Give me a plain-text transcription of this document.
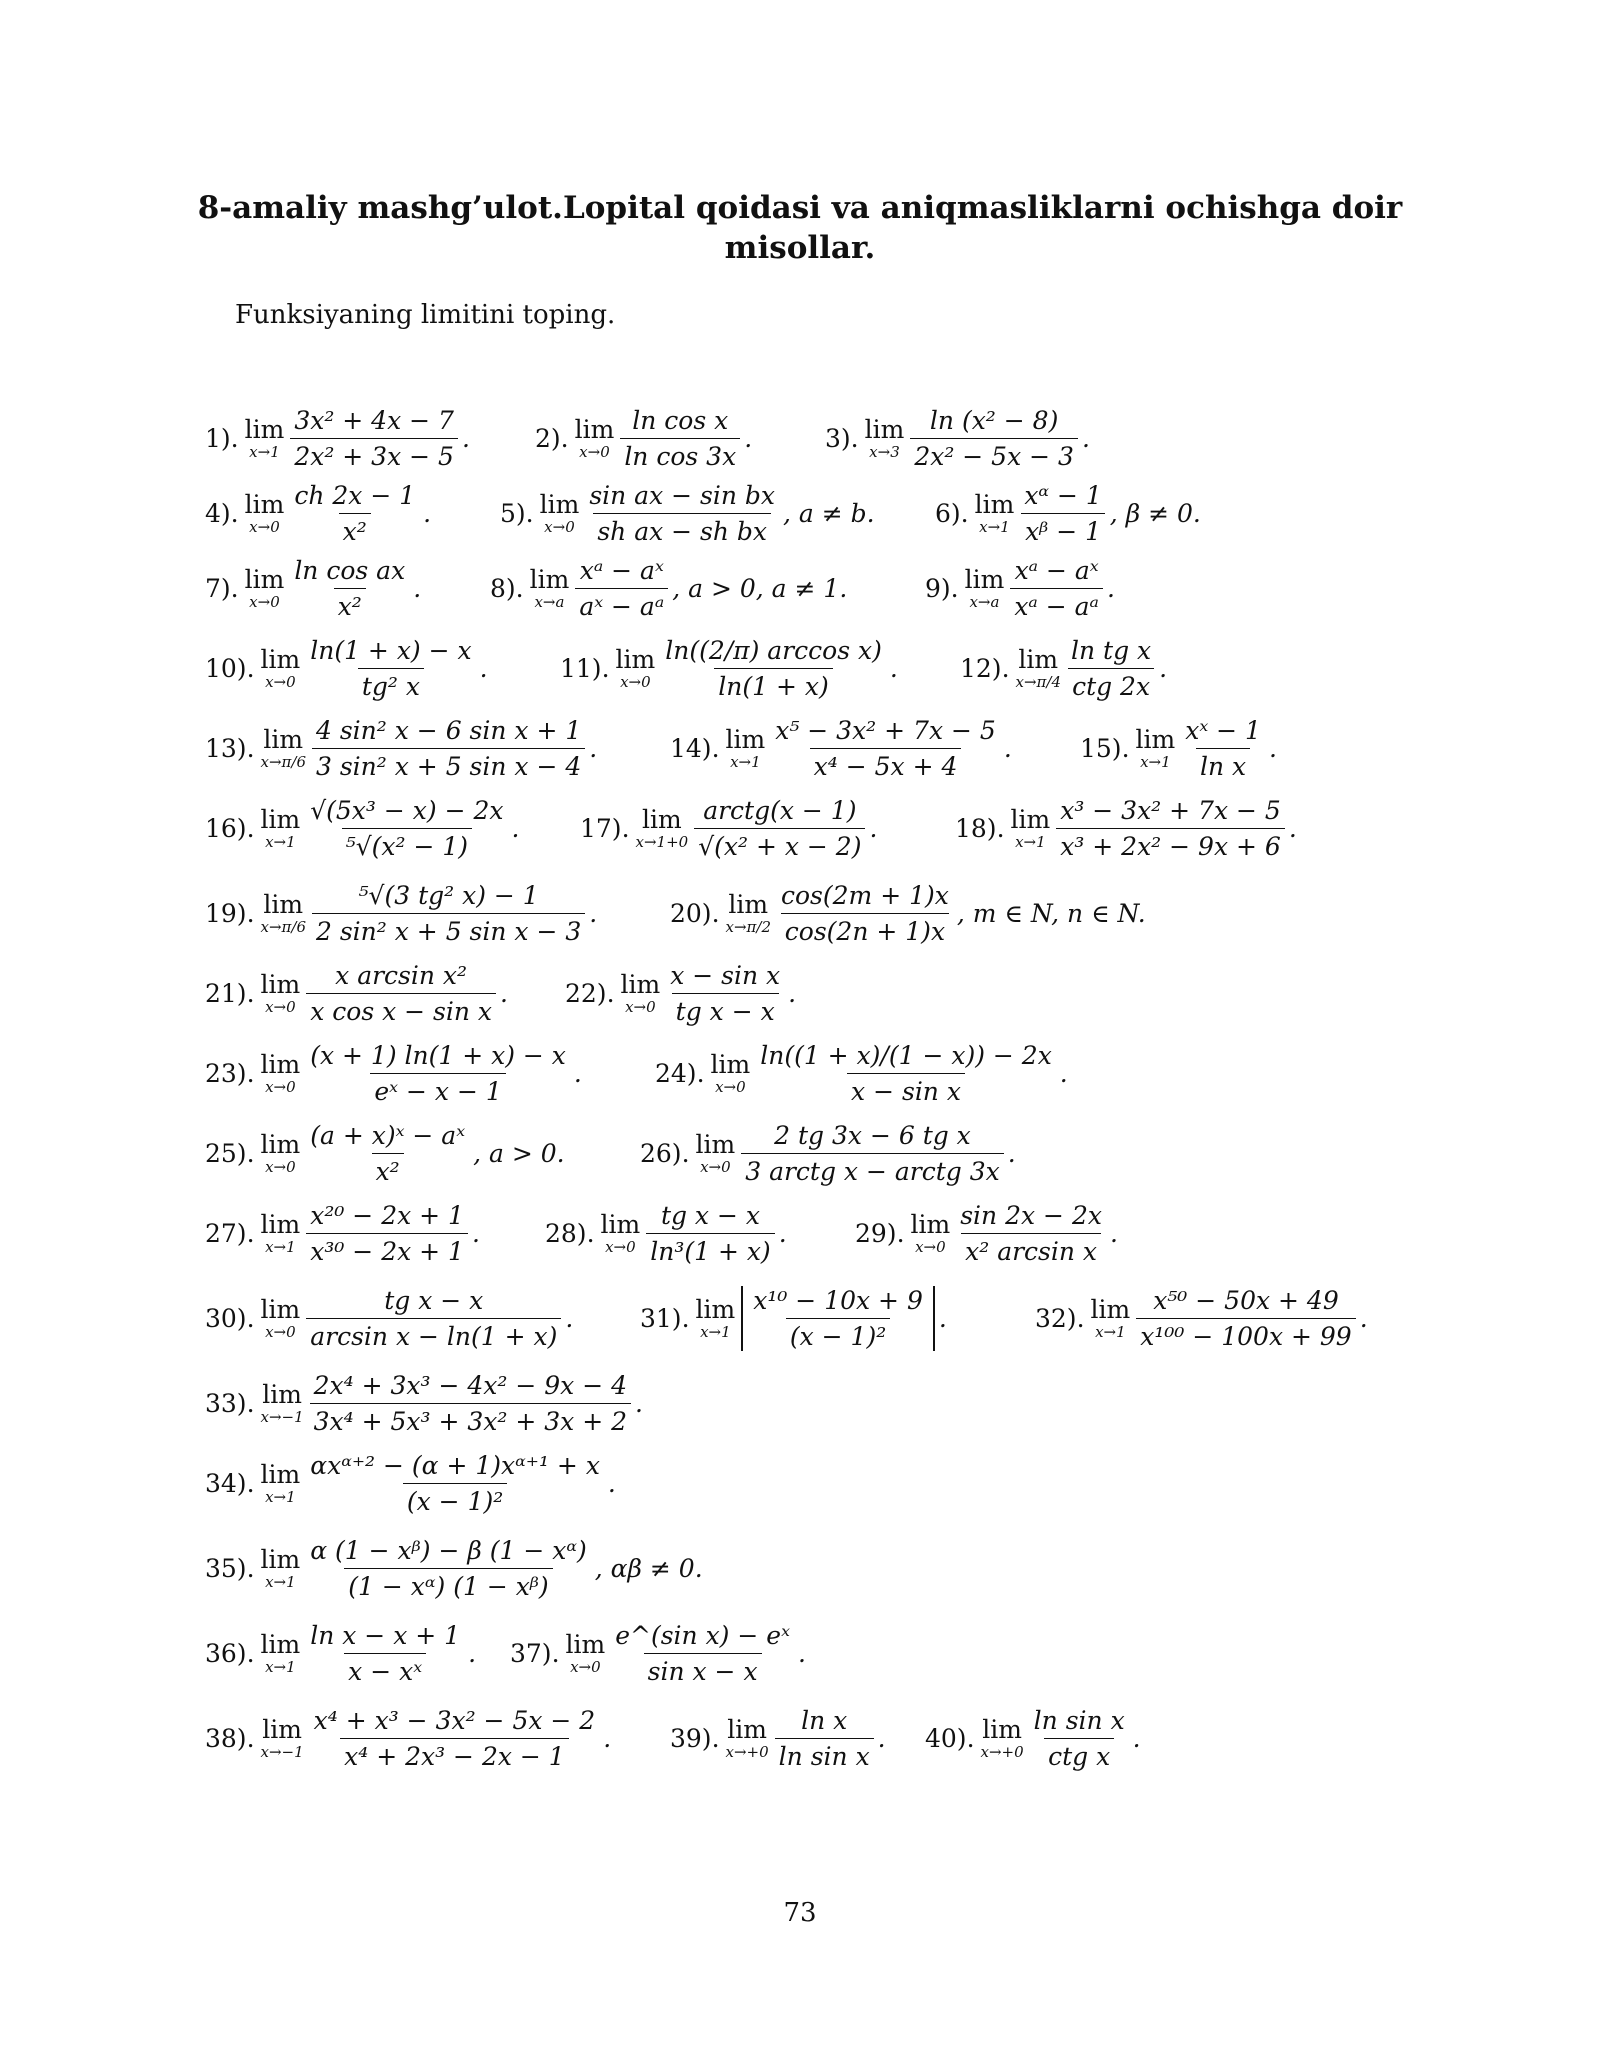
8-amaliy mashg’ulot.Lopital qoidasi va aniqmasliklarni ochishga doir misollar.
Funksiyaning limitini toping.
1). lim
$x\to 1 \frac{\text{3x² + 4x − 7}}{\text{2x² + 3x − 5}}$ .	2). lim
$x\to 0 \frac{\text{ln cos x}}{\text{ln cos 3x}}$ .	3). lim
$x\to 3 \frac{\text{ln (x² − 8)}}{\text{2x² − 5x − 3}}$ .
4). lim
$x\to 0 \frac{ch 2x - 1}{\text{x²}}$ .	5). lim
$x\to 0 \frac{\text{sin ax − sin bx}}{\text{sh ax − sh bx}}$ , a ≠ b. 6). lim
$x\to 1 \frac{\text{xᵅ − 1}}{\text{xᵝ − 1}}$ , β ≠ 0.
7). lim
$x\to 0 \frac{\text{ln cos ax}}{\text{x²}}$ .	8). lim
$x\to a \frac{\text{xᵃ − aˣ}}{\text{aˣ − aᵃ}}$ , a > 0, a ≠ 1.	9). lim
$x\to a \frac{\text{xᵃ − aˣ}}{\text{xᵃ − aᵃ}}$ .
10). lim
$x\to 0 \frac{\ln(1 + x) - x}{\text{tg² x}}$ .	11). lim
$x\to 0 \frac{\text{ln((2/π) arccos x)}}{\ln(1 + x)}$ . 12). lim
$x\to\pi/4 \frac{\text{ln tg x}}{\text{ctg 2x}}$ .
13). lim
$x\to\pi/6 \frac{\text{4 sin² x − 6 sin x + 1}}{\text{3 sin² x + 5 sin x − 4}}$ .	14). lim
$x\to 1 \frac{\text{x⁵ − 3x² + 7x − 5}}{\text{x⁴ − 5x + 4}}$ .	15). lim
$x\to 1 \frac{\text{xˣ − 1}}{\text{ln x}}$ .
16). lim
$x\to 1 \frac{\text{√(5x³ − x) − 2x}}{\text{⁵√(x² − 1)}}$ . 17). lim
$x\to 1+0 \frac{\text{arctg(x − 1)}}{\text{√(x² + x − 2)}}$ .	18). lim
$x\to 1 \frac{\text{x³ − 3x² + 7x − 5}}{\text{x³ + 2x² − 9x + 6}}$ .
19). lim
$x\to\pi/6 \frac{\text{⁵√(3 tg² x) − 1}}{\text{2 sin² x + 5 sin x − 3}}$ .	20). lim
$x\to\pi/2 \frac{\cos(2m + 1)x}{\cos(2n + 1)x}$ , m ∈ N, n ∈ N.
21). lim
$x\to 0 \frac{\text{x arcsin x²}}{\text{x cos x − sin x}}$ . 22). lim
$x\to 0 \frac{\text{x − sin x}}{\text{tg x − x}}$ .
23). lim
$x\to 0 \frac{(x + 1) \ln(1 + x) - x}{\text{eˣ − x − 1}}$ .	24). lim
$x\to 0 \frac{\ln((1 + x)/(1 - x)) - 2x}{\text{x − sin x}}$ .
25). lim
$x\to 0 \frac{\text{(a + x)ˣ − aˣ}}{\text{x²}}$ , a > 0.	26). lim
$x\to 0 \frac{\text{2 tg 3x − 6 tg x}}{\text{3 arctg x − arctg 3x}}$ .
27). lim
$x\to 1 \frac{\text{x²⁰ − 2x + 1}}{\text{x³⁰ − 2x + 1}}$ .	28). lim
$x\to 0 \frac{\text{tg x − x}}{\text{ln³(1 + x)}}$ .	29). lim
$x\to 0 \frac{\sin 2x - 2x}{\text{x² arcsin x}}$ .
30). lim
$x\to 0 \frac{\text{tg x − x}}{\text{arcsin x − ln(1 + x)}}$ .	31). lim
$x\to 1 \frac{\text{x¹⁰ − 10x + 9}}{\text{(x − 1)²}}$ .	32). lim
$x\to 1 \frac{\text{x⁵⁰ − 50x + 49}}{\text{x¹⁰⁰ − 100x + 99}}$ .
33). lim
$x\to-1 \frac{\text{2x⁴ + 3x³ − 4x² − 9x − 4}}{\text{3x⁴ + 5x³ + 3x² + 3x + 2}}$ .
34). lim
$x\to 1 \frac{\text{αxᵅ⁺² − (α + 1)xᵅ⁺¹ + x}}{\text{(x − 1)²}}$ .
35). lim
$x\to 1 \frac{\text{α (1 − xᵝ) − β (1 − xᵅ)}}{\text{(1 − xᵅ) (1 − xᵝ)}}$ , αβ ≠ 0.
36). lim
$x\to 1 \frac{\text{ln x − x + 1}}{\text{x − xˣ}}$ . 37). lim
$x\to 0 \frac{\text{e\textasciicircum{}(sin x) − eˣ}}{\text{sin x − x}}$ .
38). lim
$x\to-1 \frac{\text{x⁴ + x³ − 3x² − 5x − 2}}{\text{x⁴ + 2x³ − 2x − 1}}$ . 39). lim
$x\to+0 \frac{\text{ln x}}{\text{ln sin x}}$ . 40). lim
$x\to+0 \frac{\text{ln sin x}}{\text{ctg x}}$ .
73
